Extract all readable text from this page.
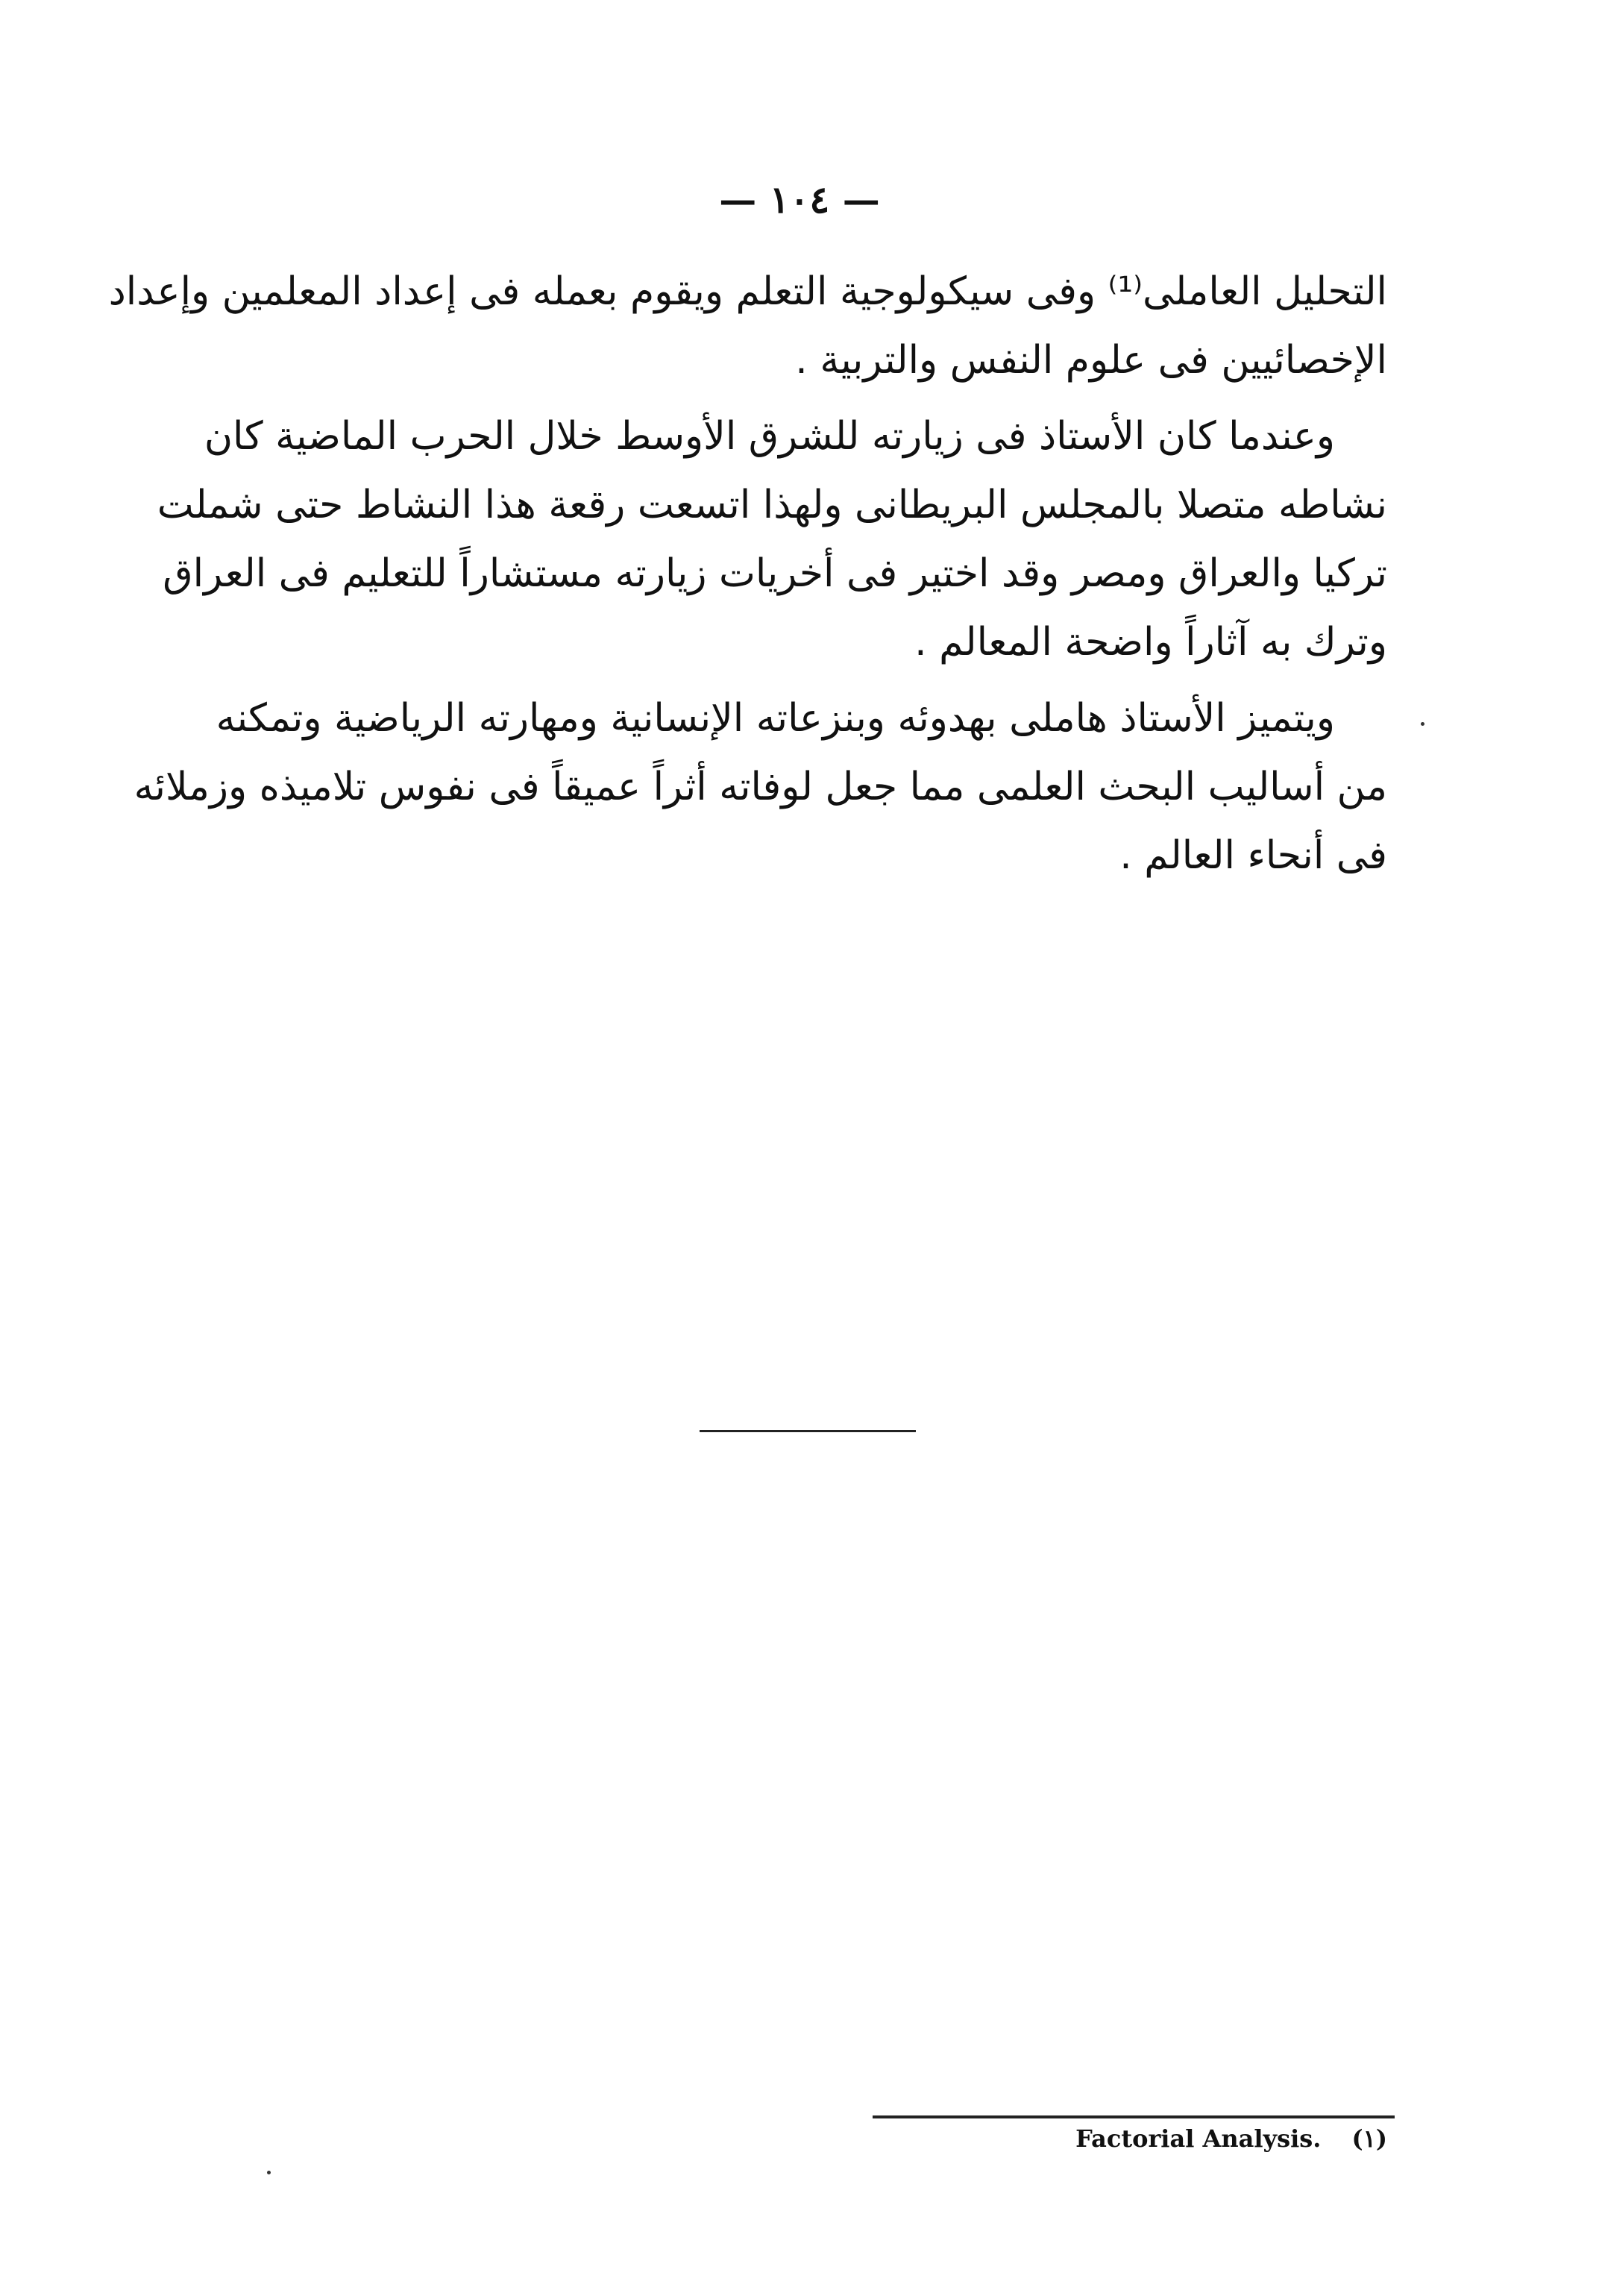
— ١٠٤ —
التحليل العاملى⁽¹⁾ وفى سيكولوجية التعلم ويقوم بعمله فى إعداد المعلمين وإعداد
الإخصائيين فى علوم النفس والتربية .
وعندما كان الأستاذ فى زيارته للشرق الأوسط خلال الحرب الماضية كان
نشاطه متصلا بالمجلس البريطانى ولهذا اتسعت رقعة هذا النشاط حتى شملت
تركيا والعراق ومصر وقد اختير فى أخريات زيارته مستشاراً للتعليم فى العراق
وترك به آثاراً واضحة المعالم .
ويتميز الأستاذ هاملى بهدوئه وبنزعاته الإنسانية ومهارته الرياضية وتمكنه
من أساليب البحث العلمى مما جعل لوفاته أثراً عميقاً فى نفوس تلاميذه وزملائه
فى أنحاء العالم .
Factorial Analysis. (١)
